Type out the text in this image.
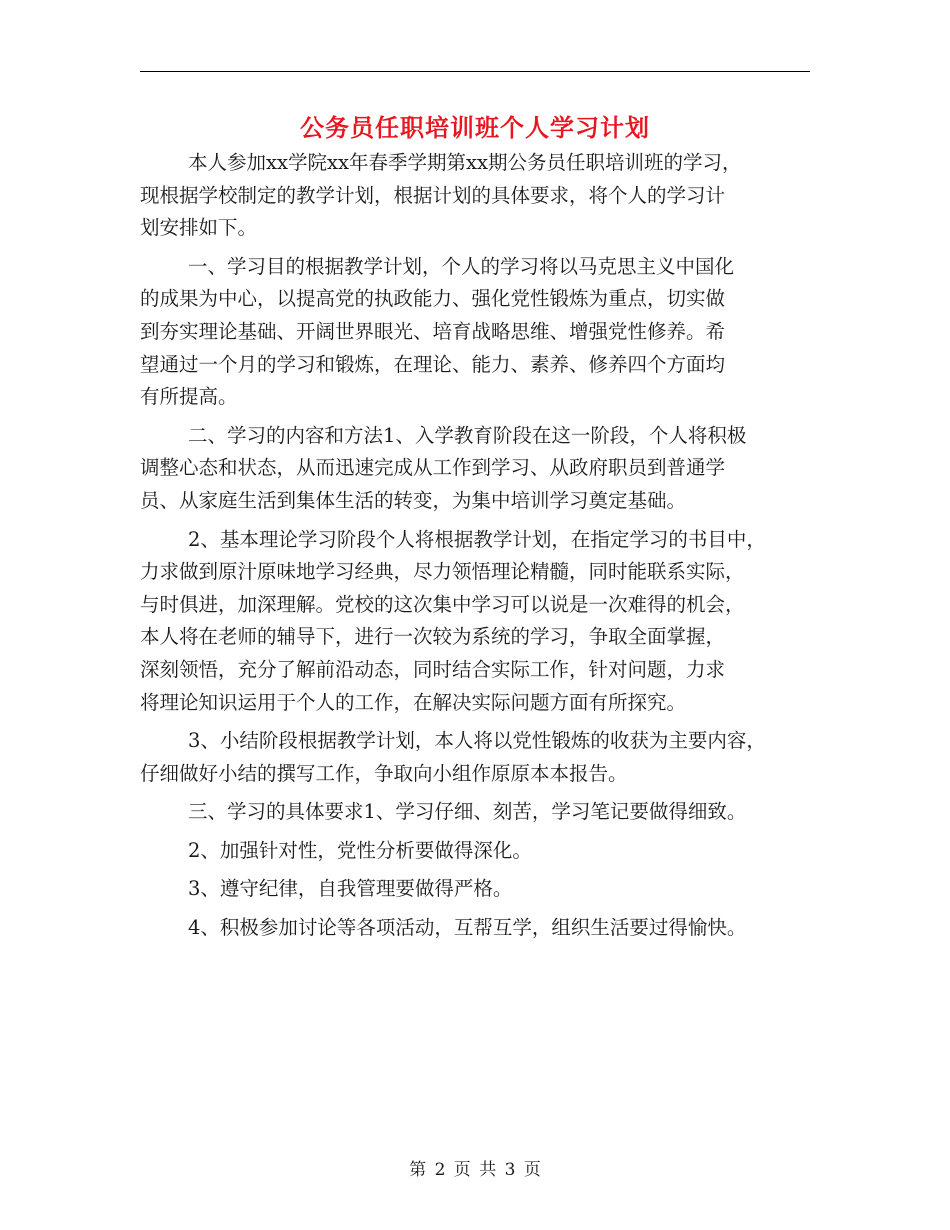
公务员任职培训班个人学习计划
本人参加xx学院xx年春季学期第xx期公务员任职培训班的学习，
现根据学校制定的教学计划，根据计划的具体要求，将个人的学习计
划安排如下。
一、学习目的根据教学计划，个人的学习将以马克思主义中国化
的成果为中心，以提高党的执政能力、强化党性锻炼为重点，切实做
到夯实理论基础、开阔世界眼光、培育战略思维、增强党性修养。希
望通过一个月的学习和锻炼，在理论、能力、素养、修养四个方面均
有所提高。
二、学习的内容和方法1、入学教育阶段在这一阶段，个人将积极
调整心态和状态，从而迅速完成从工作到学习、从政府职员到普通学
员、从家庭生活到集体生活的转变，为集中培训学习奠定基础。
2、基本理论学习阶段个人将根据教学计划，在指定学习的书目中，
力求做到原汁原味地学习经典，尽力领悟理论精髓，同时能联系实际，
与时俱进，加深理解。党校的这次集中学习可以说是一次难得的机会，
本人将在老师的辅导下，进行一次较为系统的学习，争取全面掌握，
深刻领悟，充分了解前沿动态，同时结合实际工作，针对问题，力求
将理论知识运用于个人的工作，在解决实际问题方面有所探究。
3、小结阶段根据教学计划，本人将以党性锻炼的收获为主要内容，
仔细做好小结的撰写工作，争取向小组作原原本本报告。
三、学习的具体要求1、学习仔细、刻苦，学习笔记要做得细致。
2、加强针对性，党性分析要做得深化。
3、遵守纪律，自我管理要做得严格。
4、积极参加讨论等各项活动，互帮互学，组织生活要过得愉快。
第 2 页 共 3 页
